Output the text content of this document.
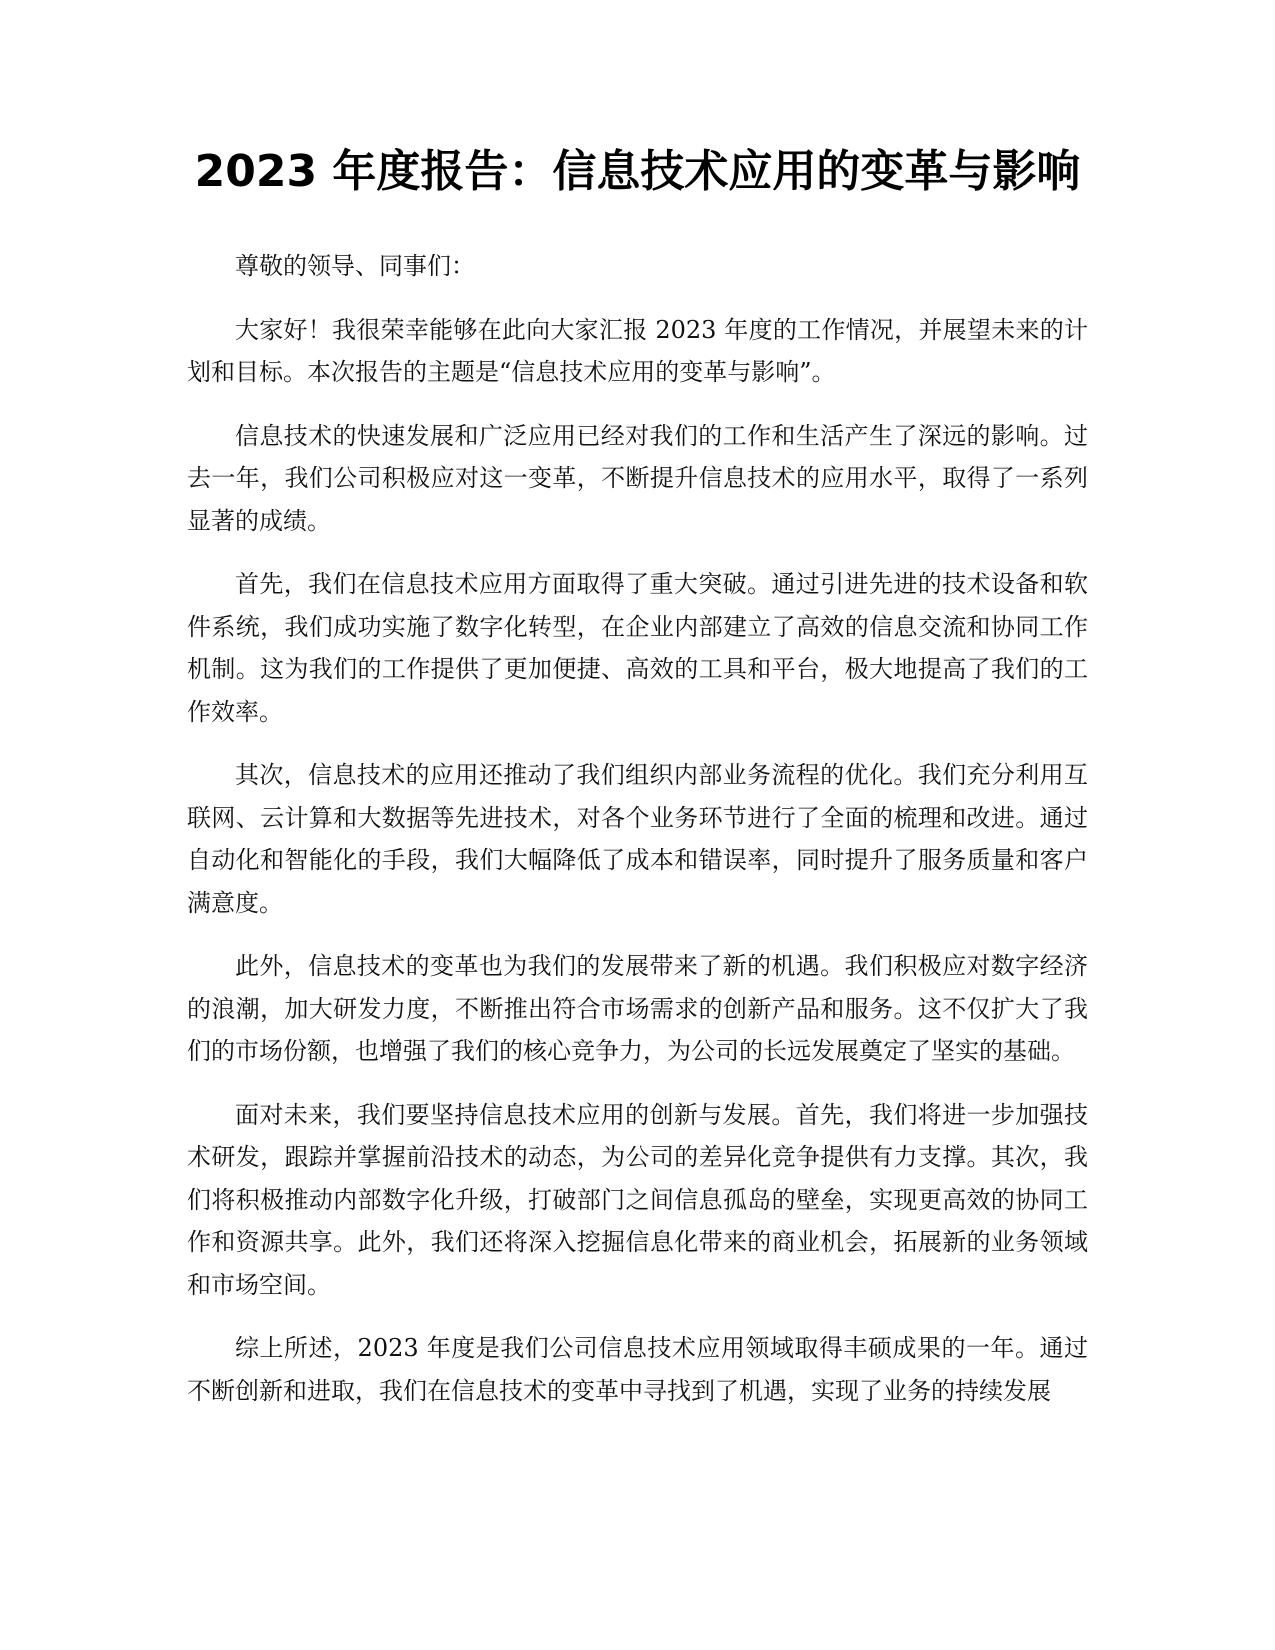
2023 年度报告：信息技术应用的变革与影响

尊敬的领导、同事们：

大家好！我很荣幸能够在此向大家汇报 2023 年度的工作情况，并展望未来的计划和目标。本次报告的主题是“信息技术应用的变革与影响”。

信息技术的快速发展和广泛应用已经对我们的工作和生活产生了深远的影响。过去一年，我们公司积极应对这一变革，不断提升信息技术的应用水平，取得了一系列显著的成绩。

首先，我们在信息技术应用方面取得了重大突破。通过引进先进的技术设备和软件系统，我们成功实施了数字化转型，在企业内部建立了高效的信息交流和协同工作机制。这为我们的工作提供了更加便捷、高效的工具和平台，极大地提高了我们的工作效率。

其次，信息技术的应用还推动了我们组织内部业务流程的优化。我们充分利用互联网、云计算和大数据等先进技术，对各个业务环节进行了全面的梳理和改进。通过自动化和智能化的手段，我们大幅降低了成本和错误率，同时提升了服务质量和客户满意度。

此外，信息技术的变革也为我们的发展带来了新的机遇。我们积极应对数字经济的浪潮，加大研发力度，不断推出符合市场需求的创新产品和服务。这不仅扩大了我们的市场份额，也增强了我们的核心竞争力，为公司的长远发展奠定了坚实的基础。

面对未来，我们要坚持信息技术应用的创新与发展。首先，我们将进一步加强技术研发，跟踪并掌握前沿技术的动态，为公司的差异化竞争提供有力支撑。其次，我们将积极推动内部数字化升级，打破部门之间信息孤岛的壁垒，实现更高效的协同工作和资源共享。此外，我们还将深入挖掘信息化带来的商业机会，拓展新的业务领域和市场空间。

综上所述，2023 年度是我们公司信息技术应用领域取得丰硕成果的一年。通过不断创新和进取，我们在信息技术的变革中寻找到了机遇，实现了业务的持续发展
